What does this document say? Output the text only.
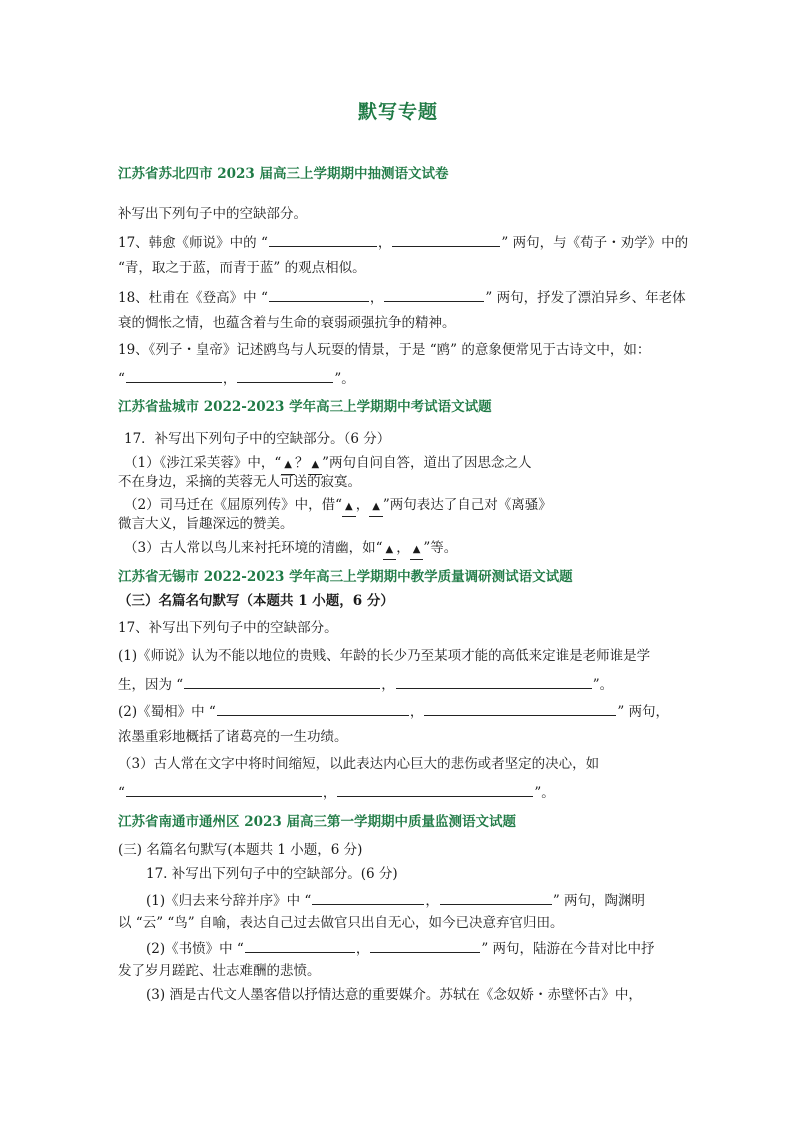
默写专题
江苏省苏北四市 2023 届高三上学期期中抽测语文试卷
补写出下列句子中的空缺部分。
17、韩愈《师说》中的 “	，	” 两句，与《荀子・劝学》中的
“青，取之于蓝，而青于蓝” 的观点相似。
18、杜甫在《登高》中 “	，	” 两句，抒发了漂泊异乡、年老体
衰的惆怅之情，也蕴含着与生命的衰弱顽强抗争的精神。
19、《列子・皇帝》记述鸥鸟与人玩耍的情景，于是 “鸥” 的意象便常见于古诗文中，如：
“	，	”。
江苏省盐城市 2022-2023 学年高三上学期期中考试语文试题
17．补写出下列句子中的空缺部分。（6 分）
（1）《涉江采芙蓉》中，“ ▲ ？ ▲ ”两句自问自答，道出了因思念之人
不在身边，采摘的芙蓉无人可送的寂寞。
（2）司马迁在《屈原列传》中，借“ ▲ ， ▲ ”两句表达了自己对《离骚》
微言大义，旨趣深远的赞美。
（3）古人常以鸟儿来衬托环境的清幽，如“ ▲ ， ▲ ”等。
江苏省无锡市 2022-2023 学年高三上学期期中教学质量调研测试语文试题
（三）名篇名句默写（本题共 1 小题，6 分）
17、补写出下列句子中的空缺部分。
(1)《师说》认为不能以地位的贵贱、年龄的长少乃至某项才能的高低来定谁是老师谁是学
生，因为 “	，	”。
(2)《蜀相》中 “	，	” 两句，
浓墨重彩地概括了诸葛亮的一生功绩。
（3）古人常在文字中将时间缩短，以此表达内心巨大的悲伤或者坚定的决心，如
“	，	”。
江苏省南通市通州区 2023 届高三第一学期期中质量监测语文试题
(三) 名篇名句默写(本题共 1 小题，6 分)
17. 补写出下列句子中的空缺部分。(6 分)
(1)《归去来兮辞并序》中 “	，	” 两句，陶渊明
以 “云” “鸟” 自喻，表达自己过去做官只出自无心，如今已决意弃官归田。
(2)《书愤》中 “	，	” 两句，陆游在今昔对比中抒
发了岁月蹉跎、壮志难酬的悲愤。
(3) 酒是古代文人墨客借以抒情达意的重要媒介。苏轼在《念奴娇・赤壁怀古》中，
